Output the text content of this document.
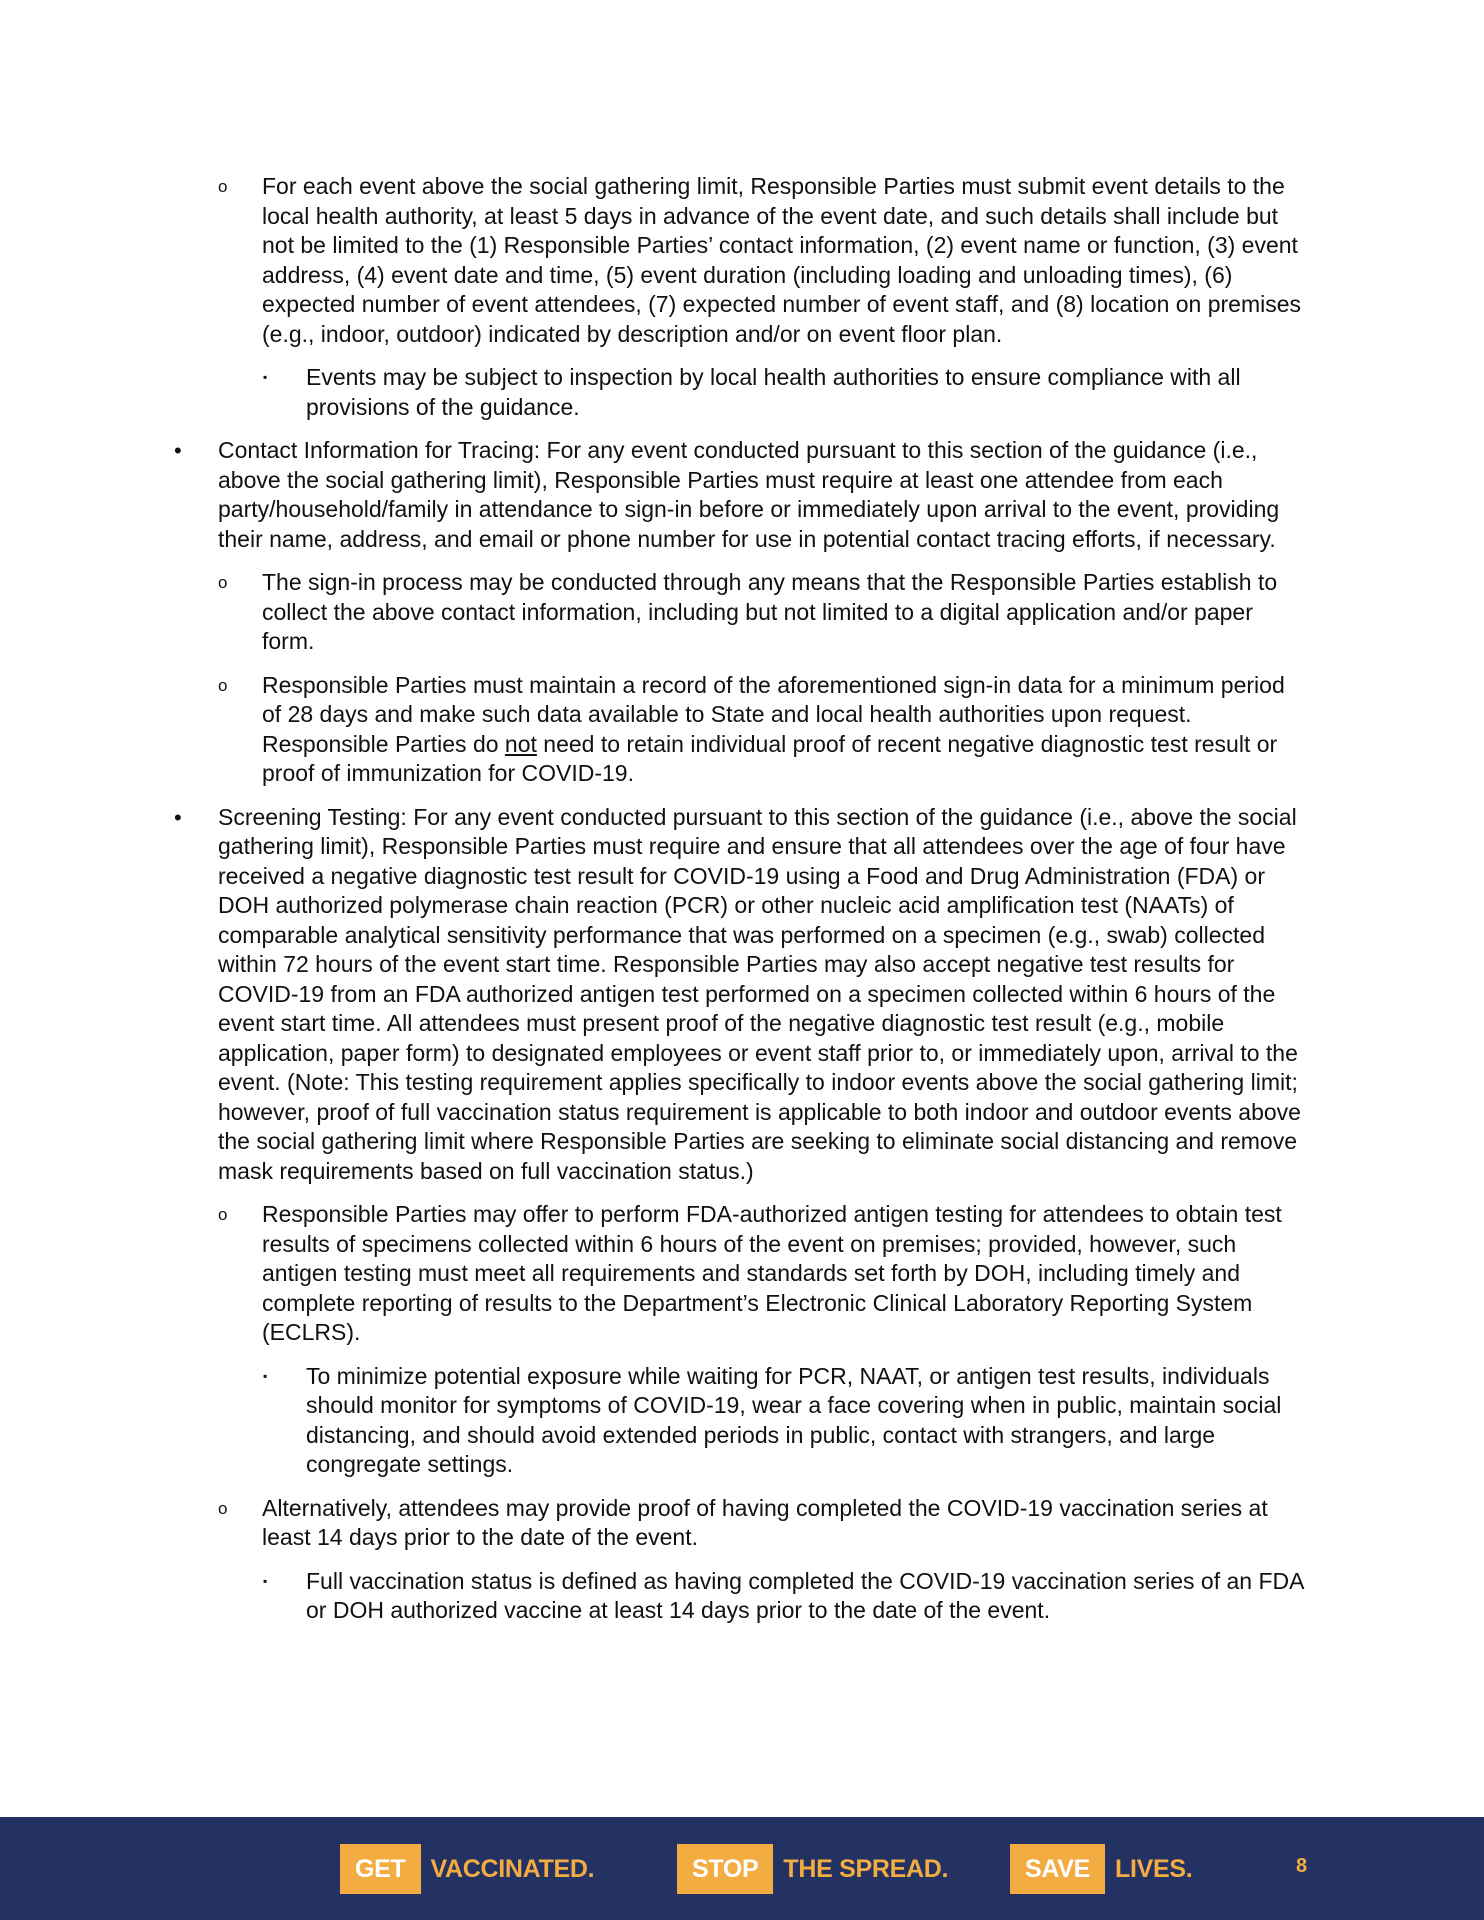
o For each event above the social gathering limit, Responsible Parties must submit event details to the local health authority, at least 5 days in advance of the event date, and such details shall include but not be limited to the (1) Responsible Parties’ contact information, (2) event name or function, (3) event address, (4) event date and time, (5) event duration (including loading and unloading times), (6) expected number of event attendees, (7) expected number of event staff, and (8) location on premises (e.g., indoor, outdoor) indicated by description and/or on event floor plan.
▪ Events may be subject to inspection by local health authorities to ensure compliance with all provisions of the guidance.
• Contact Information for Tracing: For any event conducted pursuant to this section of the guidance (i.e., above the social gathering limit), Responsible Parties must require at least one attendee from each party/household/family in attendance to sign-in before or immediately upon arrival to the event, providing their name, address, and email or phone number for use in potential contact tracing efforts, if necessary.
o The sign-in process may be conducted through any means that the Responsible Parties establish to collect the above contact information, including but not limited to a digital application and/or paper form.
o Responsible Parties must maintain a record of the aforementioned sign-in data for a minimum period of 28 days and make such data available to State and local health authorities upon request. Responsible Parties do not need to retain individual proof of recent negative diagnostic test result or proof of immunization for COVID-19.
• Screening Testing: For any event conducted pursuant to this section of the guidance (i.e., above the social gathering limit), Responsible Parties must require and ensure that all attendees over the age of four have received a negative diagnostic test result for COVID-19 using a Food and Drug Administration (FDA) or DOH authorized polymerase chain reaction (PCR) or other nucleic acid amplification test (NAATs) of comparable analytical sensitivity performance that was performed on a specimen (e.g., swab) collected within 72 hours of the event start time. Responsible Parties may also accept negative test results for COVID-19 from an FDA authorized antigen test performed on a specimen collected within 6 hours of the event start time. All attendees must present proof of the negative diagnostic test result (e.g., mobile application, paper form) to designated employees or event staff prior to, or immediately upon, arrival to the event. (Note: This testing requirement applies specifically to indoor events above the social gathering limit; however, proof of full vaccination status requirement is applicable to both indoor and outdoor events above the social gathering limit where Responsible Parties are seeking to eliminate social distancing and remove mask requirements based on full vaccination status.)
o Responsible Parties may offer to perform FDA-authorized antigen testing for attendees to obtain test results of specimens collected within 6 hours of the event on premises; provided, however, such antigen testing must meet all requirements and standards set forth by DOH, including timely and complete reporting of results to the Department’s Electronic Clinical Laboratory Reporting System (ECLRS).
▪ To minimize potential exposure while waiting for PCR, NAAT, or antigen test results, individuals should monitor for symptoms of COVID-19, wear a face covering when in public, maintain social distancing, and should avoid extended periods in public, contact with strangers, and large congregate settings.
o Alternatively, attendees may provide proof of having completed the COVID-19 vaccination series at least 14 days prior to the date of the event.
▪ Full vaccination status is defined as having completed the COVID-19 vaccination series of an FDA or DOH authorized vaccine at least 14 days prior to the date of the event.
GET	VACCINATED.	STOP	THE SPREAD.	SAVE	LIVES.	8
